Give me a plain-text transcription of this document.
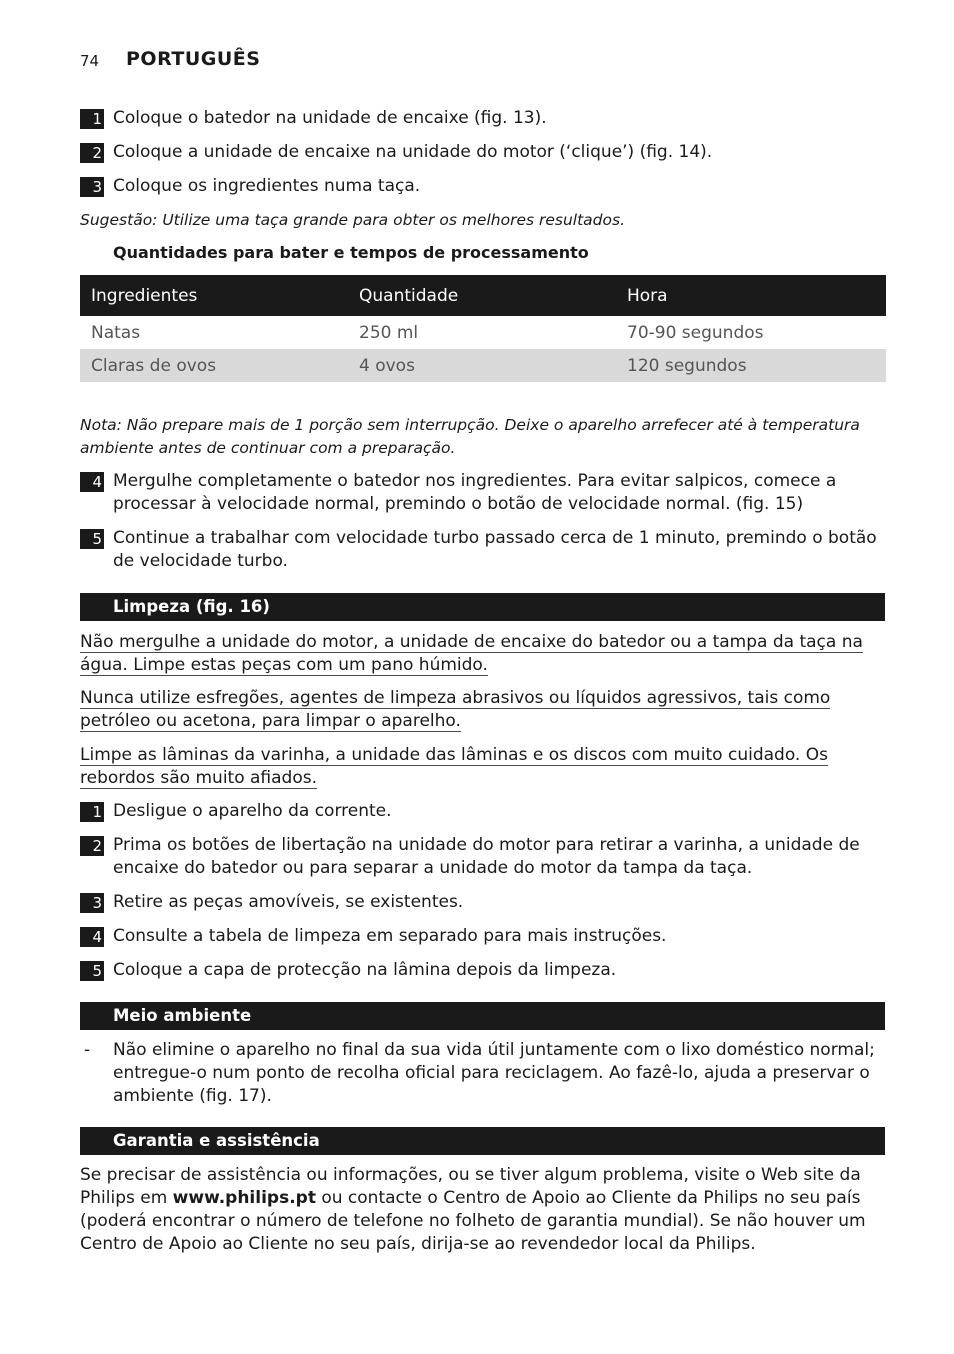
74 PORTUGUÊS
1 Coloque o batedor na unidade de encaixe (fig. 13).
2 Coloque a unidade de encaixe na unidade do motor (‘clique’) (fig. 14).
3 Coloque os ingredientes numa taça.
Sugestão: Utilize uma taça grande para obter os melhores resultados.
Quantidades para bater e tempos de processamento
Ingredientes	Quantidade	Hora
Natas	250 ml	70-90 segundos
Claras de ovos	4 ovos	120 segundos
Nota: Não prepare mais de 1 porção sem interrupção. Deixe o aparelho arrefecer até à temperatura ambiente antes de continuar com a preparação.
4 Mergulhe completamente o batedor nos ingredientes. Para evitar salpicos, comece a processar à velocidade normal, premindo o botão de velocidade normal. (fig. 15)
5 Continue a trabalhar com velocidade turbo passado cerca de 1 minuto, premindo o botão de velocidade turbo.
Limpeza (fig. 16)
Não mergulhe a unidade do motor, a unidade de encaixe do batedor ou a tampa da taça na água. Limpe estas peças com um pano húmido.
Nunca utilize esfregões, agentes de limpeza abrasivos ou líquidos agressivos, tais como petróleo ou acetona, para limpar o aparelho.
Limpe as lâminas da varinha, a unidade das lâminas e os discos com muito cuidado. Os rebordos são muito afiados.
1 Desligue o aparelho da corrente.
2 Prima os botões de libertação na unidade do motor para retirar a varinha, a unidade de encaixe do batedor ou para separar a unidade do motor da tampa da taça.
3 Retire as peças amovíveis, se existentes.
4 Consulte a tabela de limpeza em separado para mais instruções.
5 Coloque a capa de protecção na lâmina depois da limpeza.
Meio ambiente
- Não elimine o aparelho no final da sua vida útil juntamente com o lixo doméstico normal; entregue-o num ponto de recolha oficial para reciclagem. Ao fazê-lo, ajuda a preservar o ambiente (fig. 17).
Garantia e assistência
Se precisar de assistência ou informações, ou se tiver algum problema, visite o Web site da Philips em www.philips.pt ou contacte o Centro de Apoio ao Cliente da Philips no seu país (poderá encontrar o número de telefone no folheto de garantia mundial). Se não houver um Centro de Apoio ao Cliente no seu país, dirija-se ao revendedor local da Philips.
